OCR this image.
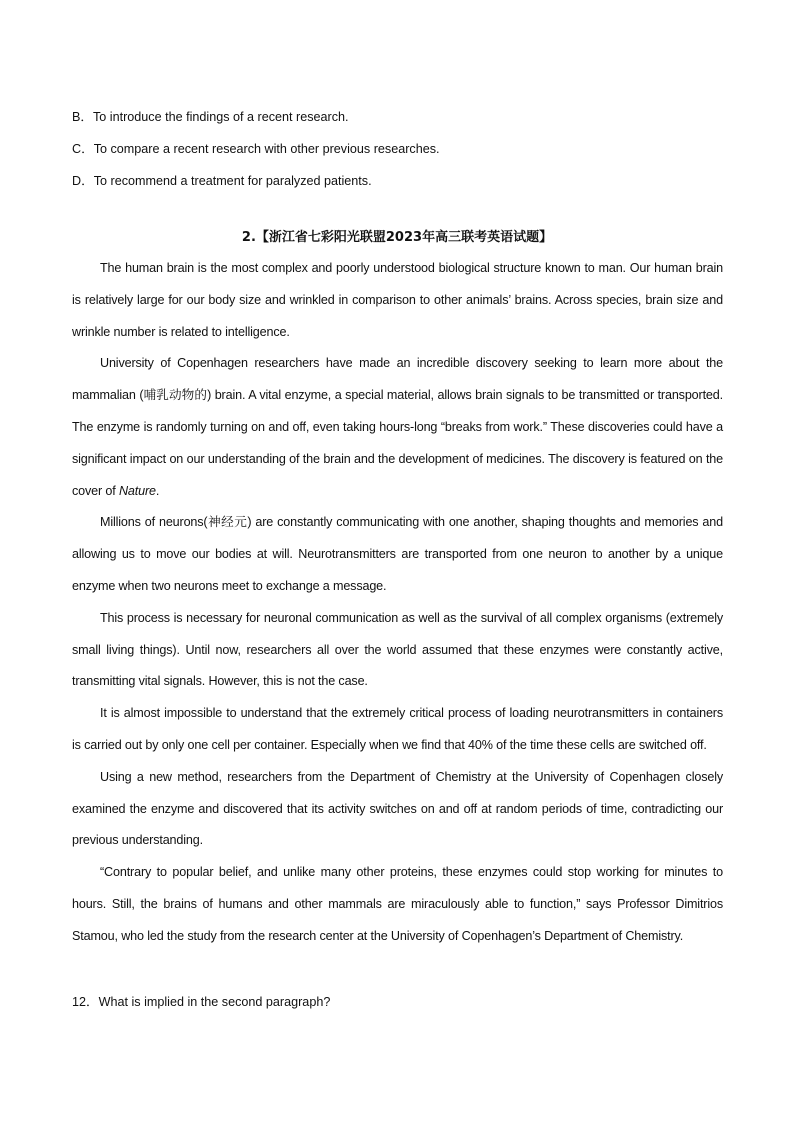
B．To introduce the findings of a recent research.
C．To compare a recent research with other previous researches.
D．To recommend a treatment for paralyzed patients.
2.【浙江省七彩阳光联盟2023年高三联考英语试题】

The human brain is the most complex and poorly understood biological structure known to man. Our human brain is relatively large for our body size and wrinkled in comparison to other animals’ brains. Across species, brain size and wrinkle number is related to intelligence.

University of Copenhagen researchers have made an incredible discovery seeking to learn more about the mammalian (哺乳动物的) brain. A vital enzyme, a special material, allows brain signals to be transmitted or transported. The enzyme is randomly turning on and off, even taking hours-long “breaks from work.” These discoveries could have a significant impact on our understanding of the brain and the development of medicines. The discovery is featured on the cover of Nature.

Millions of neurons(神经元) are constantly communicating with one another, shaping thoughts and memories and allowing us to move our bodies at will. Neurotransmitters are transported from one neuron to another by a unique enzyme when two neurons meet to exchange a message.

This process is necessary for neuronal communication as well as the survival of all complex organisms (extremely small living things). Until now, researchers all over the world assumed that these enzymes were constantly active, transmitting vital signals. However, this is not the case.

It is almost impossible to understand that the extremely critical process of loading neurotransmitters in containers is carried out by only one cell per container. Especially when we find that 40% of the time these cells are switched off.

Using a new method, researchers from the Department of Chemistry at the University of Copenhagen closely examined the enzyme and discovered that its activity switches on and off at random periods of time, contradicting our previous understanding.

“Contrary to popular belief, and unlike many other proteins, these enzymes could stop working for minutes to hours. Still, the brains of humans and other mammals are miraculously able to function,” says Professor Dimitrios Stamou, who led the study from the research center at the University of Copenhagen’s Department of Chemistry.

12．What is implied in the second paragraph?
